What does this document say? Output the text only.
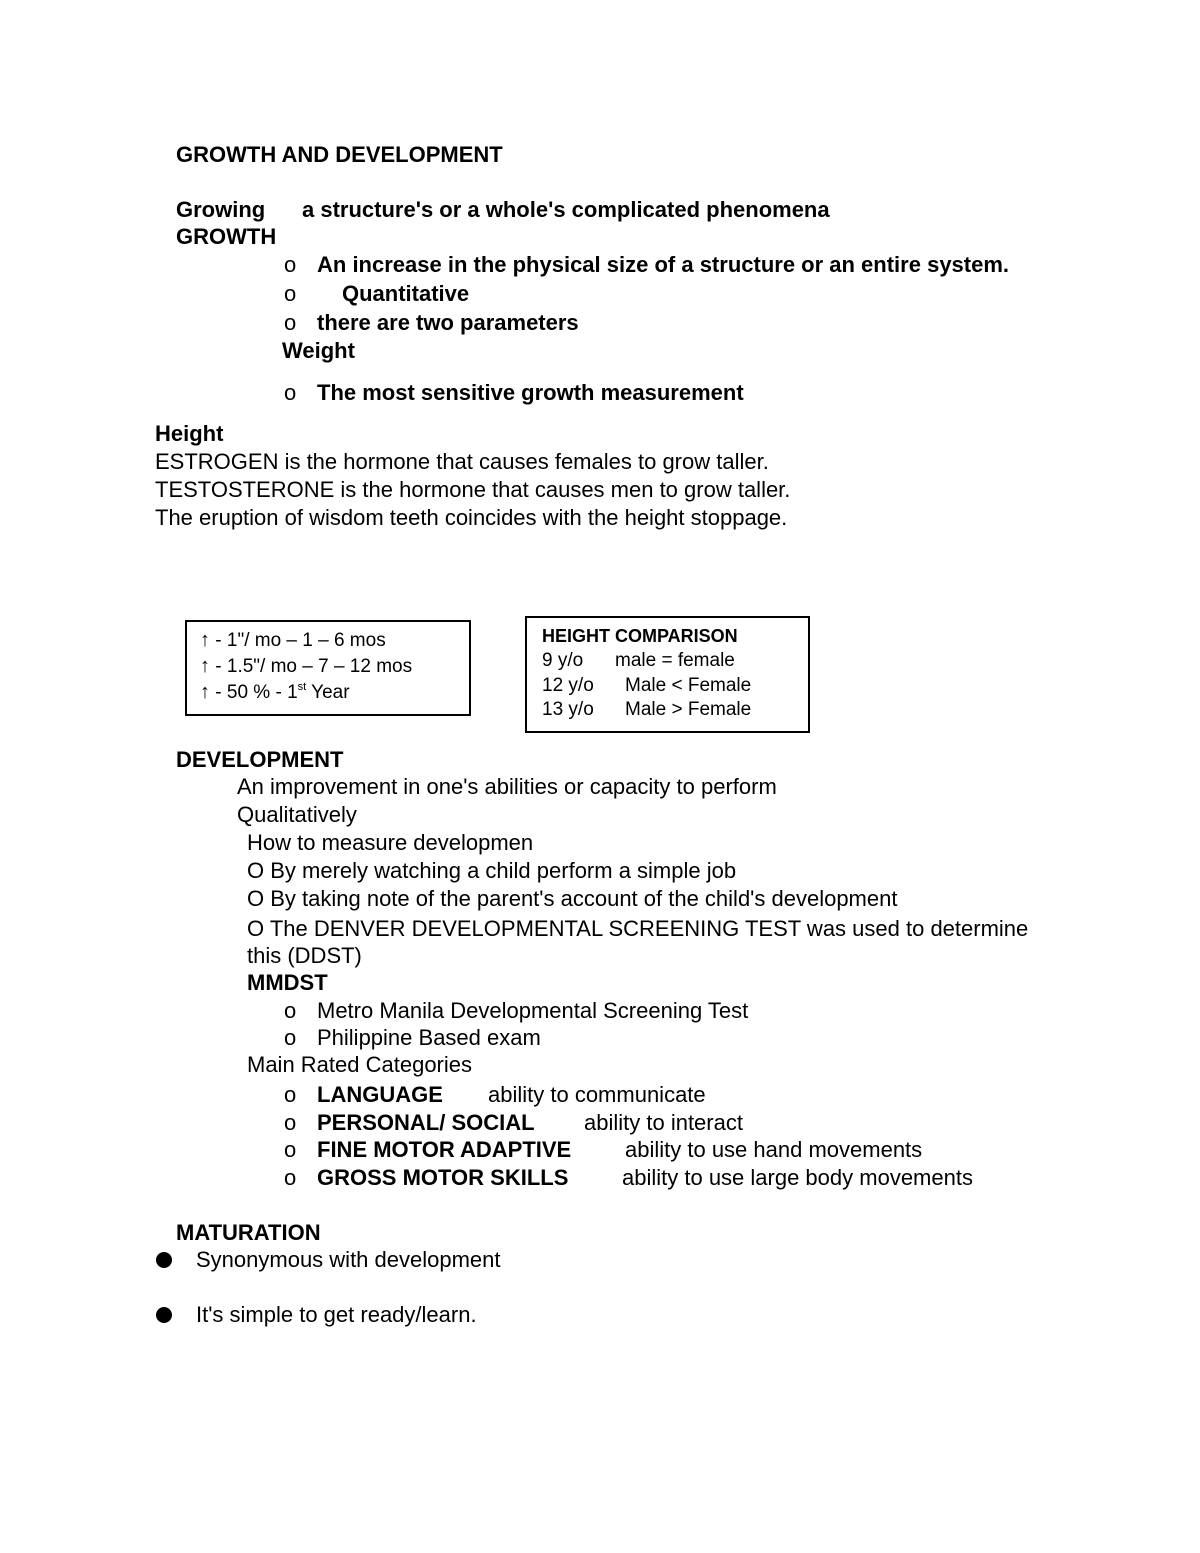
GROWTH AND DEVELOPMENT
Growing a structure's or a whole's complicated phenomena
GROWTH
o An increase in the physical size of a structure or an entire system.
o Quantitative
o there are two parameters
Weight
o The most sensitive growth measurement
Height
ESTROGEN is the hormone that causes females to grow taller.
TESTOSTERONE is the hormone that causes men to grow taller.
The eruption of wisdom teeth coincides with the height stoppage.
↑ - 1"/ mo – 1 – 6 mos
↑ - 1.5"/ mo – 7 – 12 mos
↑ - 50 % - 1st Year
HEIGHT COMPARISON
9 y/o male = female
12 y/o Male < Female
13 y/o Male > Female
DEVELOPMENT
An improvement in one's abilities or capacity to perform
Qualitatively
How to measure developmen
O By merely watching a child perform a simple job
O By taking note of the parent's account of the child's development
O The DENVER DEVELOPMENTAL SCREENING TEST was used to determine
this (DDST)
MMDST
o Metro Manila Developmental Screening Test
o Philippine Based exam
Main Rated Categories
o LANGUAGE ability to communicate
o PERSONAL/ SOCIAL ability to interact
o FINE MOTOR ADAPTIVE ability to use hand movements
o GROSS MOTOR SKILLS ability to use large body movements
MATURATION
Synonymous with development
It's simple to get ready/learn.
